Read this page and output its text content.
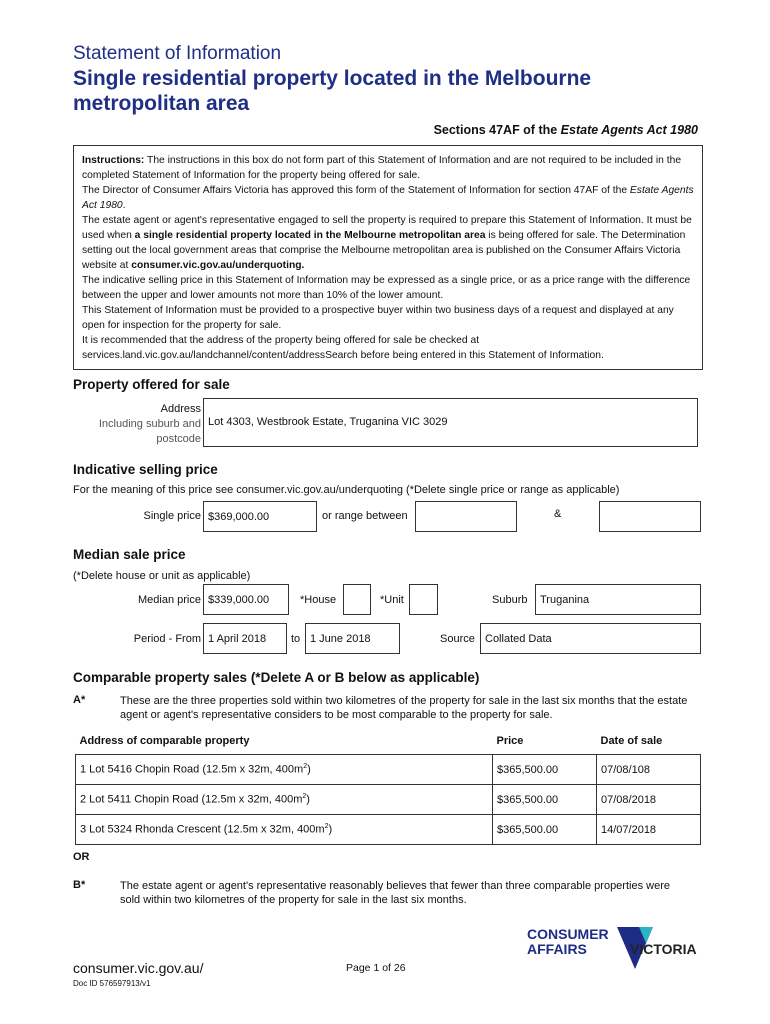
Statement of Information
Single residential property located in the Melbourne metropolitan area
Sections 47AF of the Estate Agents Act 1980

Instructions: The instructions in this box do not form part of this Statement of Information and are not required to be included in the completed Statement of Information for the property being offered for sale.

The Director of Consumer Affairs Victoria has approved this form of the Statement of Information for section 47AF of the Estate Agents Act 1980.

The estate agent or agent's representative engaged to sell the property is required to prepare this Statement of Information. It must be used when a single residential property located in the Melbourne metropolitan area is being offered for sale. The Determination setting out the local government areas that comprise the Melbourne metropolitan area is published on the Consumer Affairs Victoria website at consumer.vic.gov.au/underquoting.

The indicative selling price in this Statement of Information may be expressed as a single price, or as a price range with the difference between the upper and lower amounts not more than 10% of the lower amount.

This Statement of Information must be provided to a prospective buyer within two business days of a request and displayed at any open for inspection for the property for sale.

It is recommended that the address of the property being offered for sale be checked at services.land.vic.gov.au/landchannel/content/addressSearch before being entered in this Statement of Information.

Property offered for sale
Address
Including suburb and
postcode
Lot 4303, Westbrook Estate, Truganina VIC 3029
Indicative selling price
For the meaning of this price see consumer.vic.gov.au/underquoting (*Delete single price or range as applicable)
Single price $369,000.00	or range between	&
Median sale price
(*Delete house or unit as applicable)
Median price $339,000.00	*House	*Unit	Suburb	Truganina
Period - From 1 April 2018	to 1 June 2018	Source Collated Data
Comparable property sales (*Delete A or B below as applicable)
A*	These are the three properties sold within two kilometres of the property for sale in the last six months that the estate agent or agent's representative considers to be most comparable to the property for sale.
Address of comparable property	Price	Date of sale
1 Lot 5416 Chopin Road (12.5m x 32m, $400m^2$)	$365,500.00	07/08/108
2 Lot 5411 Chopin Road (12.5m x 32m, $400m^2$)	$365,500.00	07/08/2018
3 Lot 5324 Rhonda Crescent (12.5m x 32m, $400m^2$)	$365,500.00	14/07/2018
OR
B*	The estate agent or agent's representative reasonably believes that fewer than three comparable properties were sold within two kilometres of the property for sale in the last six months.
CONSUMER
AFFAIRS	VICTORIA
consumer.vic.gov.au/	Page 1 of 26
Doc ID 576597913/v1
